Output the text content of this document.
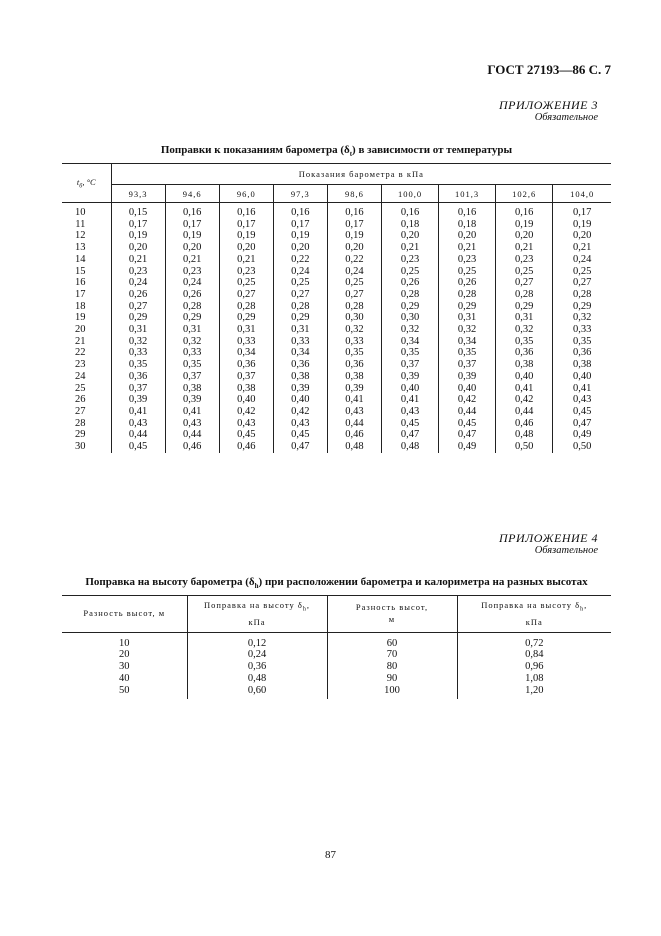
ГОСТ 27193—86 С. 7
ПРИЛОЖЕНИЕ 3
Обязательное
Поправки к показаниям барометра $(\delta_t)$ в зависимости от температуры
$t_б$, °С	Показания барометра в кПа								
	93,3	94,6	96,0	97,3	98,6	100,0	101,3	102,6	104,0
10	0,15	0,16	0,16	0,16	0,16	0,16	0,16	0,16	0,17
11	0,17	0,17	0,17	0,17	0,17	0,18	0,18	0,19	0,19
12	0,19	0,19	0,19	0,19	0,19	0,20	0,20	0,20	0,20
13	0,20	0,20	0,20	0,20	0,20	0,21	0,21	0,21	0,21
14	0,21	0,21	0,21	0,22	0,22	0,23	0,23	0,23	0,24
15	0,23	0,23	0,23	0,24	0,24	0,25	0,25	0,25	0,25
16	0,24	0,24	0,25	0,25	0,25	0,26	0,26	0,27	0,27
17	0,26	0,26	0,27	0,27	0,27	0,28	0,28	0,28	0,28
18	0,27	0,28	0,28	0,28	0,28	0,29	0,29	0,29	0,29
19	0,29	0,29	0,29	0,29	0,30	0,30	0,31	0,31	0,32
20	0,31	0,31	0,31	0,31	0,32	0,32	0,32	0,32	0,33
21	0,32	0,32	0,33	0,33	0,33	0,34	0,34	0,35	0,35
22	0,33	0,33	0,34	0,34	0,35	0,35	0,35	0,36	0,36
23	0,35	0,35	0,36	0,36	0,36	0,37	0,37	0,38	0,38
24	0,36	0,37	0,37	0,38	0,38	0,39	0,39	0,40	0,40
25	0,37	0,38	0,38	0,39	0,39	0,40	0,40	0,41	0,41
26	0,39	0,39	0,40	0,40	0,41	0,41	0,42	0,42	0,43
27	0,41	0,41	0,42	0,42	0,43	0,43	0,44	0,44	0,45
28	0,43	0,43	0,43	0,43	0,44	0,45	0,45	0,46	0,47
29	0,44	0,44	0,45	0,45	0,46	0,47	0,47	0,48	0,49
30	0,45	0,46	0,46	0,47	0,48	0,48	0,49	0,50	0,50
ПРИЛОЖЕНИЕ 4
Обязательное
Поправка на высоту барометра $(\delta_h)$ при расположении барометра и калориметра на разных высотах
Разность высот, м	Поправка на высоту $\delta_h$,
кПа	Разность высот,
м	Поправка на высоту $\delta_h$,
кПа
10	0,12	60	0,72
20	0,24	70	0,84
30	0,36	80	0,96
40	0,48	90	1,08
50	0,60	100	1,20
87
